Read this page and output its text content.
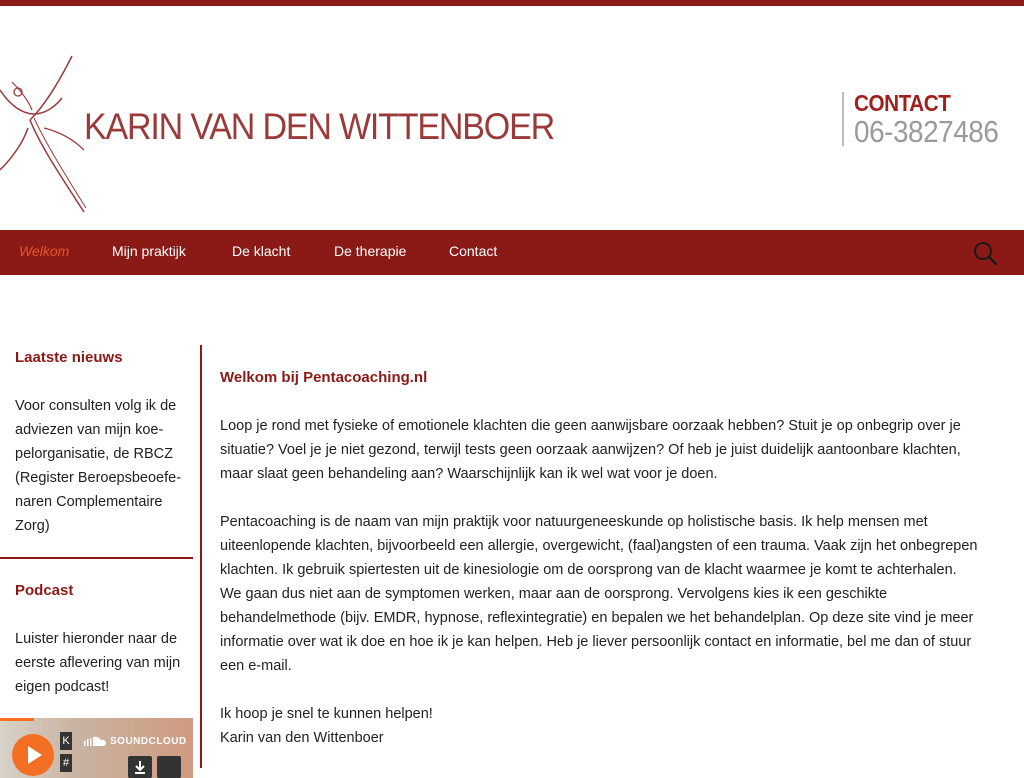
KARIN VAN DEN WITTENBOER
CONTACT
06-3827486
Welkom	Mijn praktijk	De klacht	De therapie	Contact
Laatste nieuws
Voor consulten volg ik de adviezen van mijn koepelorganisatie, de RBCZ (Register Beroepsbeoefenaren Complementaire Zorg)
Podcast
Luister hieronder naar de eerste aflevering van mijn eigen podcast!
K
#
SOUNDCLOUD
Welkom bij Pentacoaching.nl

Loop je rond met fysieke of emotionele klachten die geen aanwijsbare oorzaak hebben? Stuit je op onbegrip over je situatie? Voel je je niet gezond, terwijl tests geen oorzaak aanwijzen? Of heb je juist duidelijk aantoonbare klachten, maar slaat geen behandeling aan? Waarschijnlijk kan ik wel wat voor je doen.

Pentacoaching is de naam van mijn praktijk voor natuurgeneeskunde op holistische basis. Ik help mensen met uiteenlopende klachten, bijvoorbeeld een allergie, overgewicht, (faal)angsten of een trauma. Vaak zijn het onbegrepen klachten. Ik gebruik spiertesten uit de kinesiologie om de oorsprong van de klacht waarmee je komt te achterhalen. We gaan dus niet aan de symptomen werken, maar aan de oorsprong. Vervolgens kies ik een geschikte behandelmethode (bijv. EMDR, hypnose, reflexintegratie) en bepalen we het behandelplan. Op deze site vind je meer informatie over wat ik doe en hoe ik je kan helpen. Heb je liever persoonlijk contact en informatie, bel me dan of stuur een e-mail.

Ik hoop je snel te kunnen helpen!

Karin van den Wittenboer
